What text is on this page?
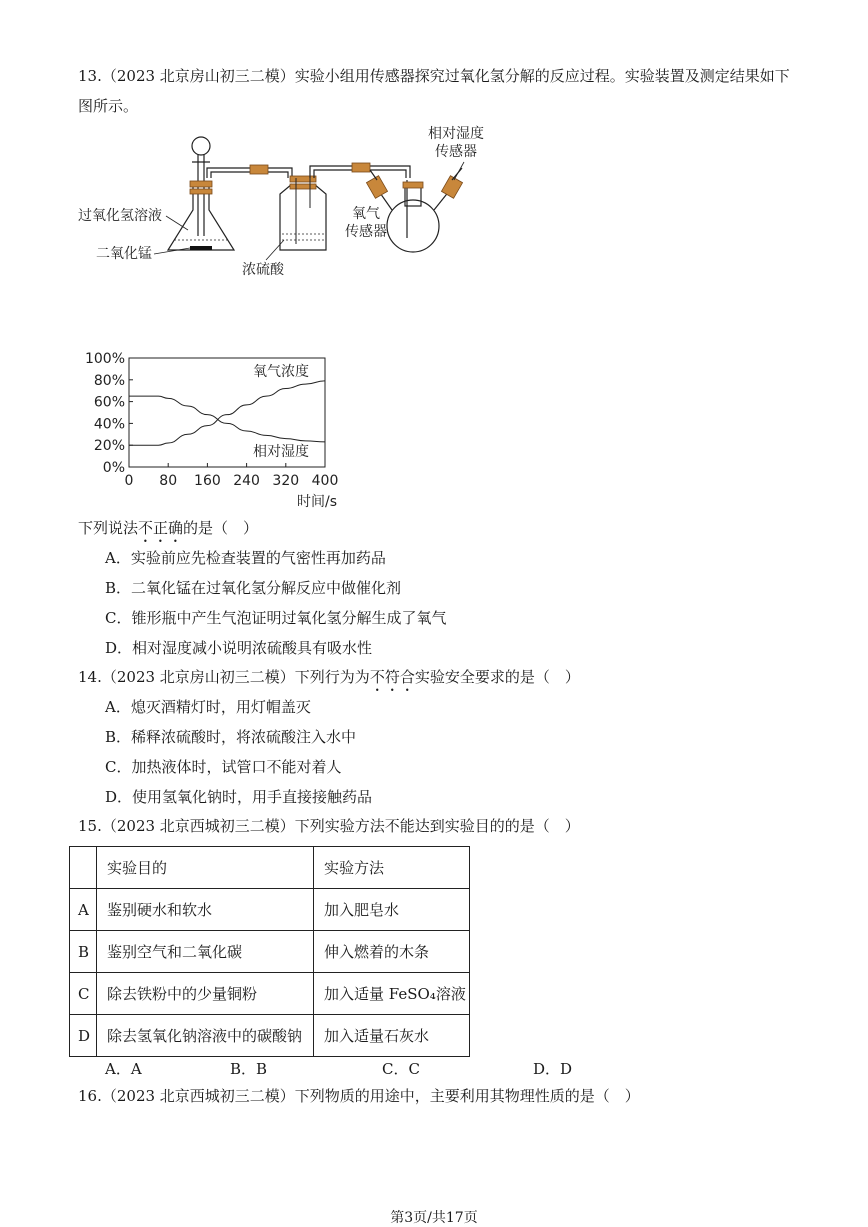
13.（2023 北京房山初三二模）实验小组用传感器探究过氧化氢分解的反应过程。实验装置及测定结果如下
图所示。
过氧化氢溶液
二氧化锰
浓硫酸
氧气
传感器
相对湿度
传感器
0%
20%
40%
60%
80%
100%
0 80 160 240 320 400
氧气浓度
相对湿度
时间/s
下列说法不正确的是（　）
A．实验前应先检查装置的气密性再加药品
B．二氧化锰在过氧化氢分解反应中做催化剂
C．锥形瓶中产生气泡证明过氧化氢分解生成了氧气
D．相对湿度减小说明浓硫酸具有吸水性
14.（2023 北京房山初三二模）下列行为为不符合实验安全要求的是（　）
A．熄灭酒精灯时，用灯帽盖灭
B．稀释浓硫酸时，将浓硫酸注入水中
C．加热液体时，试管口不能对着人
D．使用氢氧化钠时，用手直接接触药品
15.（2023 北京西城初三二模）下列实验方法不能达到实验目的的是（　）
	实验目的	实验方法
A	鉴别硬水和软水	加入肥皂水
B	鉴别空气和二氧化碳	伸入燃着的木条
C	除去铁粉中的少量铜粉	加入适量 FeSO₄溶液
D	除去氢氧化钠溶液中的碳酸钠	加入适量石灰水
A．A	B．B	C．C	D．D
16.（2023 北京西城初三二模）下列物质的用途中，主要利用其物理性质的是（　）
第3页/共17页
